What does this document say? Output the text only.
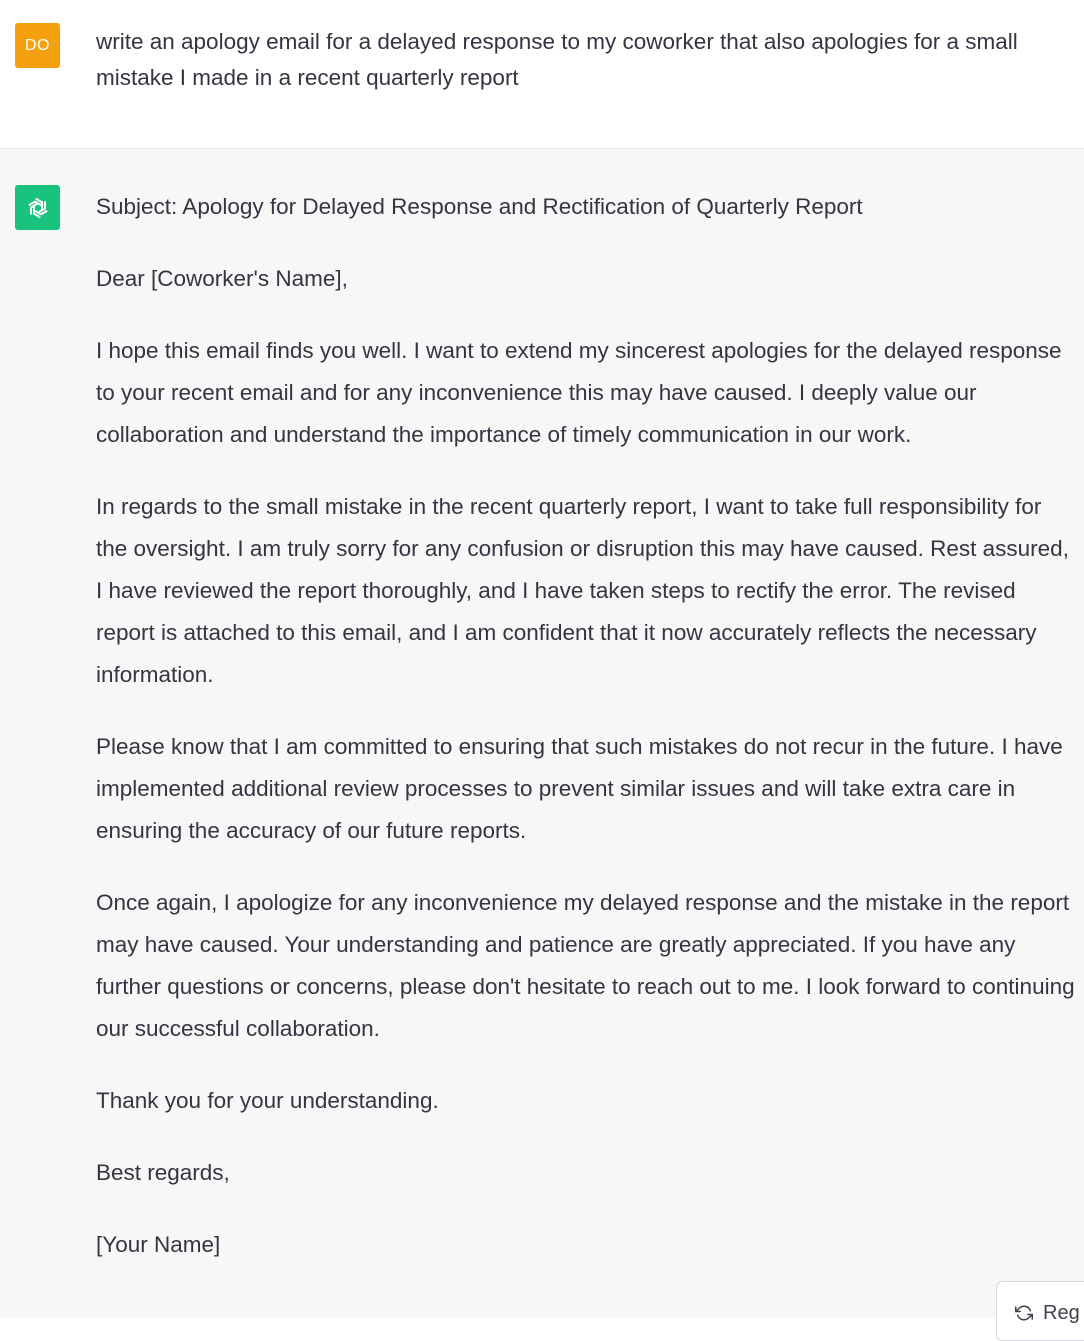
DO	write an apology email for a delayed response to my coworker that also apologies for a small mistake I made in a recent quarterly report

Subject: Apology for Delayed Response and Rectification of Quarterly Report

Dear [Coworker's Name],

I hope this email finds you well. I want to extend my sincerest apologies for the delayed response to your recent email and for any inconvenience this may have caused. I deeply value our collaboration and understand the importance of timely communication in our work.

In regards to the small mistake in the recent quarterly report, I want to take full responsibility for the oversight. I am truly sorry for any confusion or disruption this may have caused. Rest assured, I have reviewed the report thoroughly, and I have taken steps to rectify the error. The revised report is attached to this email, and I am confident that it now accurately reflects the necessary information.

Please know that I am committed to ensuring that such mistakes do not recur in the future. I have implemented additional review processes to prevent similar issues and will take extra care in ensuring the accuracy of our future reports.

Once again, I apologize for any inconvenience my delayed response and the mistake in the report may have caused. Your understanding and patience are greatly appreciated. If you have any further questions or concerns, please don't hesitate to reach out to me. I look forward to continuing our successful collaboration.

Thank you for your understanding.

Best regards,

[Your Name]

Reg
